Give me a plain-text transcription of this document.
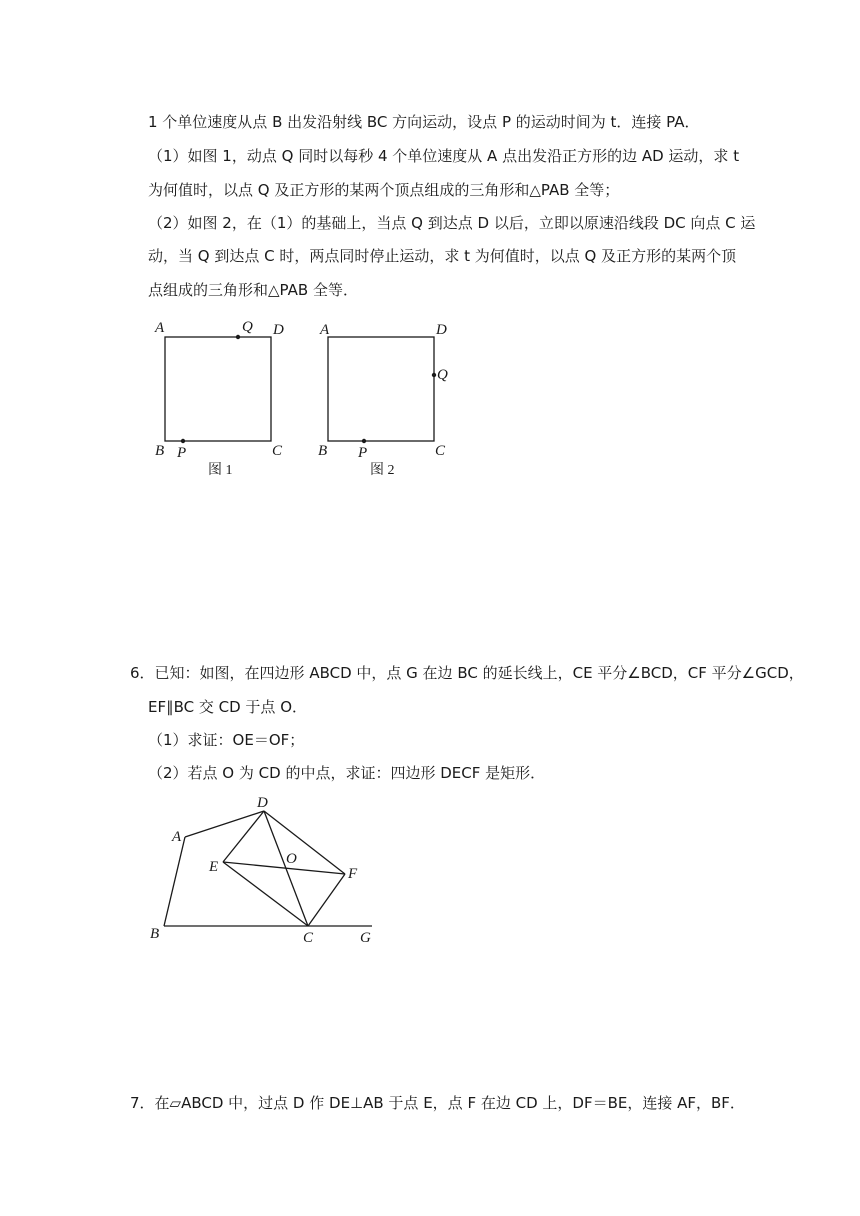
1 个单位速度从点 B 出发沿射线 BC 方向运动，设点 P 的运动时间为 t．连接 PA．
（1）如图 1，动点 Q 同时以每秒 4 个单位速度从 A 点出发沿正方形的边 AD 运动，求 t
为何值时，以点 Q 及正方形的某两个顶点组成的三角形和△PAB 全等；
（2）如图 2，在（1）的基础上，当点 Q 到达点 D 以后，立即以原速沿线段 DC 向点 C 运
动，当 Q 到达点 C 时，两点同时停止运动，求 t 为何值时，以点 Q 及正方形的某两个顶
点组成的三角形和△PAB 全等．
A	Q D
B P	C
图 1
A	D
Q
B P	C
图 2
6．已知：如图，在四边形 ABCD 中，点 G 在边 BC 的延长线上，CE 平分∠BCD，CF 平分∠GCD，
EF∥BC 交 CD 于点 O．
（1）求证：OE＝OF；
（2）若点 O 为 CD 的中点，求证：四边形 DECF 是矩形．
D
A
E	O
F
B	C	G
7．在▱ABCD 中，过点 D 作 DE⊥AB 于点 E，点 F 在边 CD 上，DF＝BE，连接 AF，BF．
